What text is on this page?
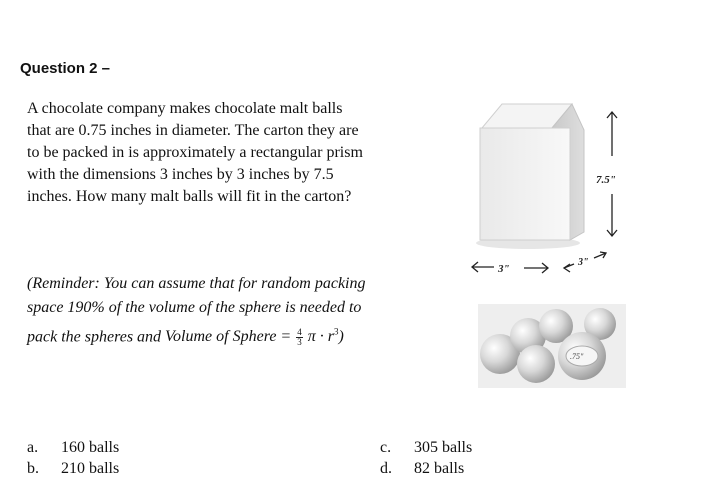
Question 2 –
A chocolate company makes chocolate malt balls that are 0.75 inches in diameter. The carton they are to be packed in is approximately a rectangular prism with the dimensions 3 inches by 3 inches by 7.5 inches. How many malt balls will fit in the carton?
(Reminder: You can assume that for random packing space 190% of the volume of the sphere is needed to pack the spheres and Volume of Sphere = $\frac{4}{3}$ $\pi \cdot r^3$)
7.5"
3"
3"
.75"
a.	160 balls
b.	210 balls
c.	305 balls
d.	82 balls
